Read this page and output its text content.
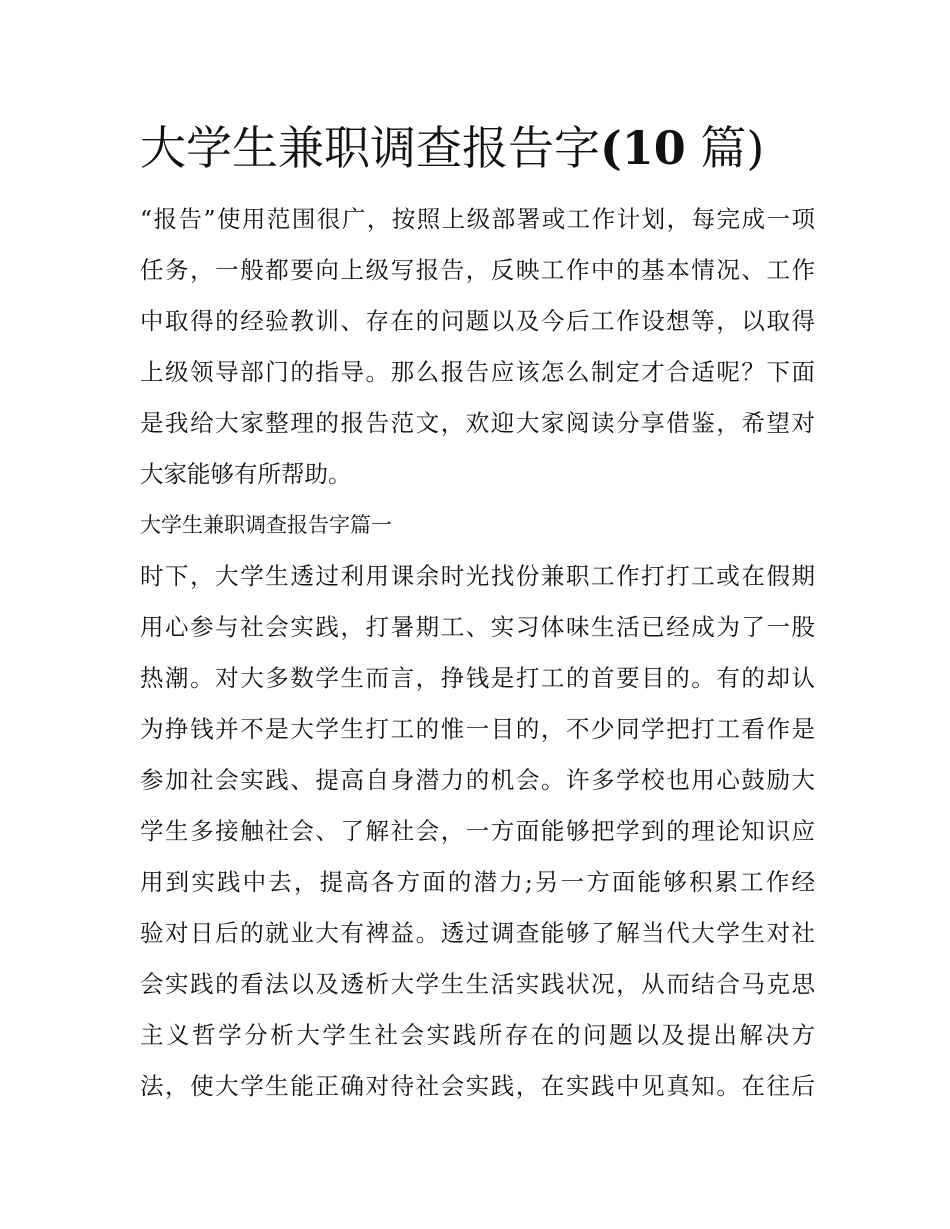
大学生兼职调查报告字(10 篇)

“报告”使用范围很广，按照上级部署或工作计划，每完成一项
任务，一般都要向上级写报告，反映工作中的基本情况、工作
中取得的经验教训、存在的问题以及今后工作设想等，以取得
上级领导部门的指导。那么报告应该怎么制定才合适呢？下面
是我给大家整理的报告范文，欢迎大家阅读分享借鉴，希望对
大家能够有所帮助。

大学生兼职调查报告字篇一

时下，大学生透过利用课余时光找份兼职工作打打工或在假期
用心参与社会实践，打暑期工、实习体味生活已经成为了一股
热潮。对大多数学生而言，挣钱是打工的首要目的。有的却认
为挣钱并不是大学生打工的惟一目的，不少同学把打工看作是
参加社会实践、提高自身潜力的机会。许多学校也用心鼓励大
学生多接触社会、了解社会，一方面能够把学到的理论知识应
用到实践中去，提高各方面的潜力;另一方面能够积累工作经
验对日后的就业大有裨益。透过调查能够了解当代大学生对社
会实践的看法以及透析大学生生活实践状况，从而结合马克思
主义哲学分析大学生社会实践所存在的问题以及提出解决方
法，使大学生能正确对待社会实践，在实践中见真知。在往后
